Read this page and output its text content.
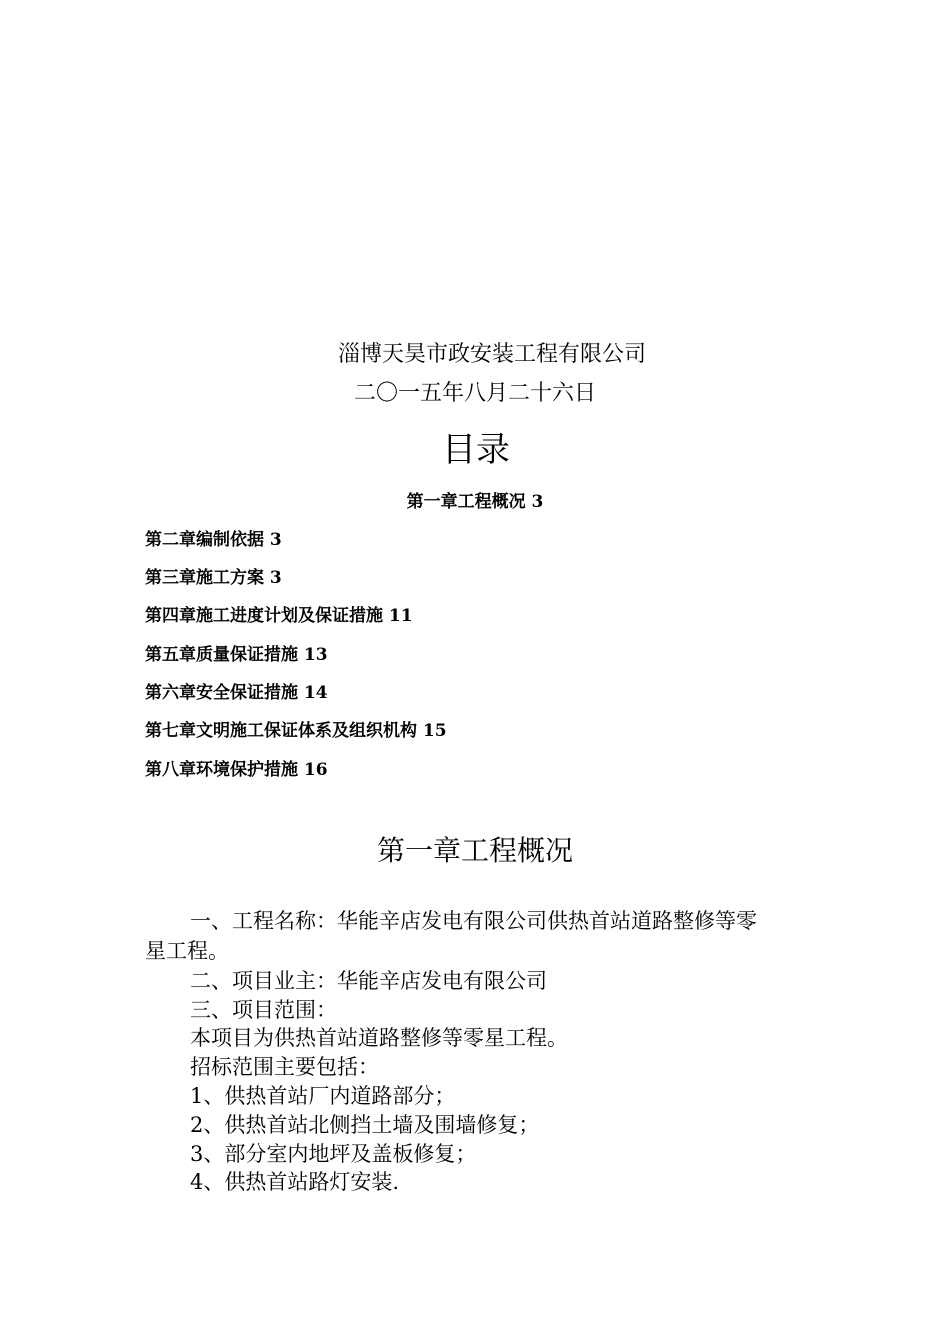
淄博天昊市政安装工程有限公司
二〇一五年八月二十六日
目录
第一章工程概况 3
第二章编制依据 3
第三章施工方案 3
第四章施工进度计划及保证措施 11
第五章质量保证措施 13
第六章安全保证措施 14
第七章文明施工保证体系及组织机构 15
第八章环境保护措施 16
第一章工程概况
一、工程名称：华能辛店发电有限公司供热首站道路整修等零
星工程。
二、项目业主：华能辛店发电有限公司
三、项目范围：
本项目为供热首站道路整修等零星工程。
招标范围主要包括：
1、供热首站厂内道路部分；
2、供热首站北侧挡土墙及围墙修复；
3、部分室内地坪及盖板修复；
4、供热首站路灯安装.
